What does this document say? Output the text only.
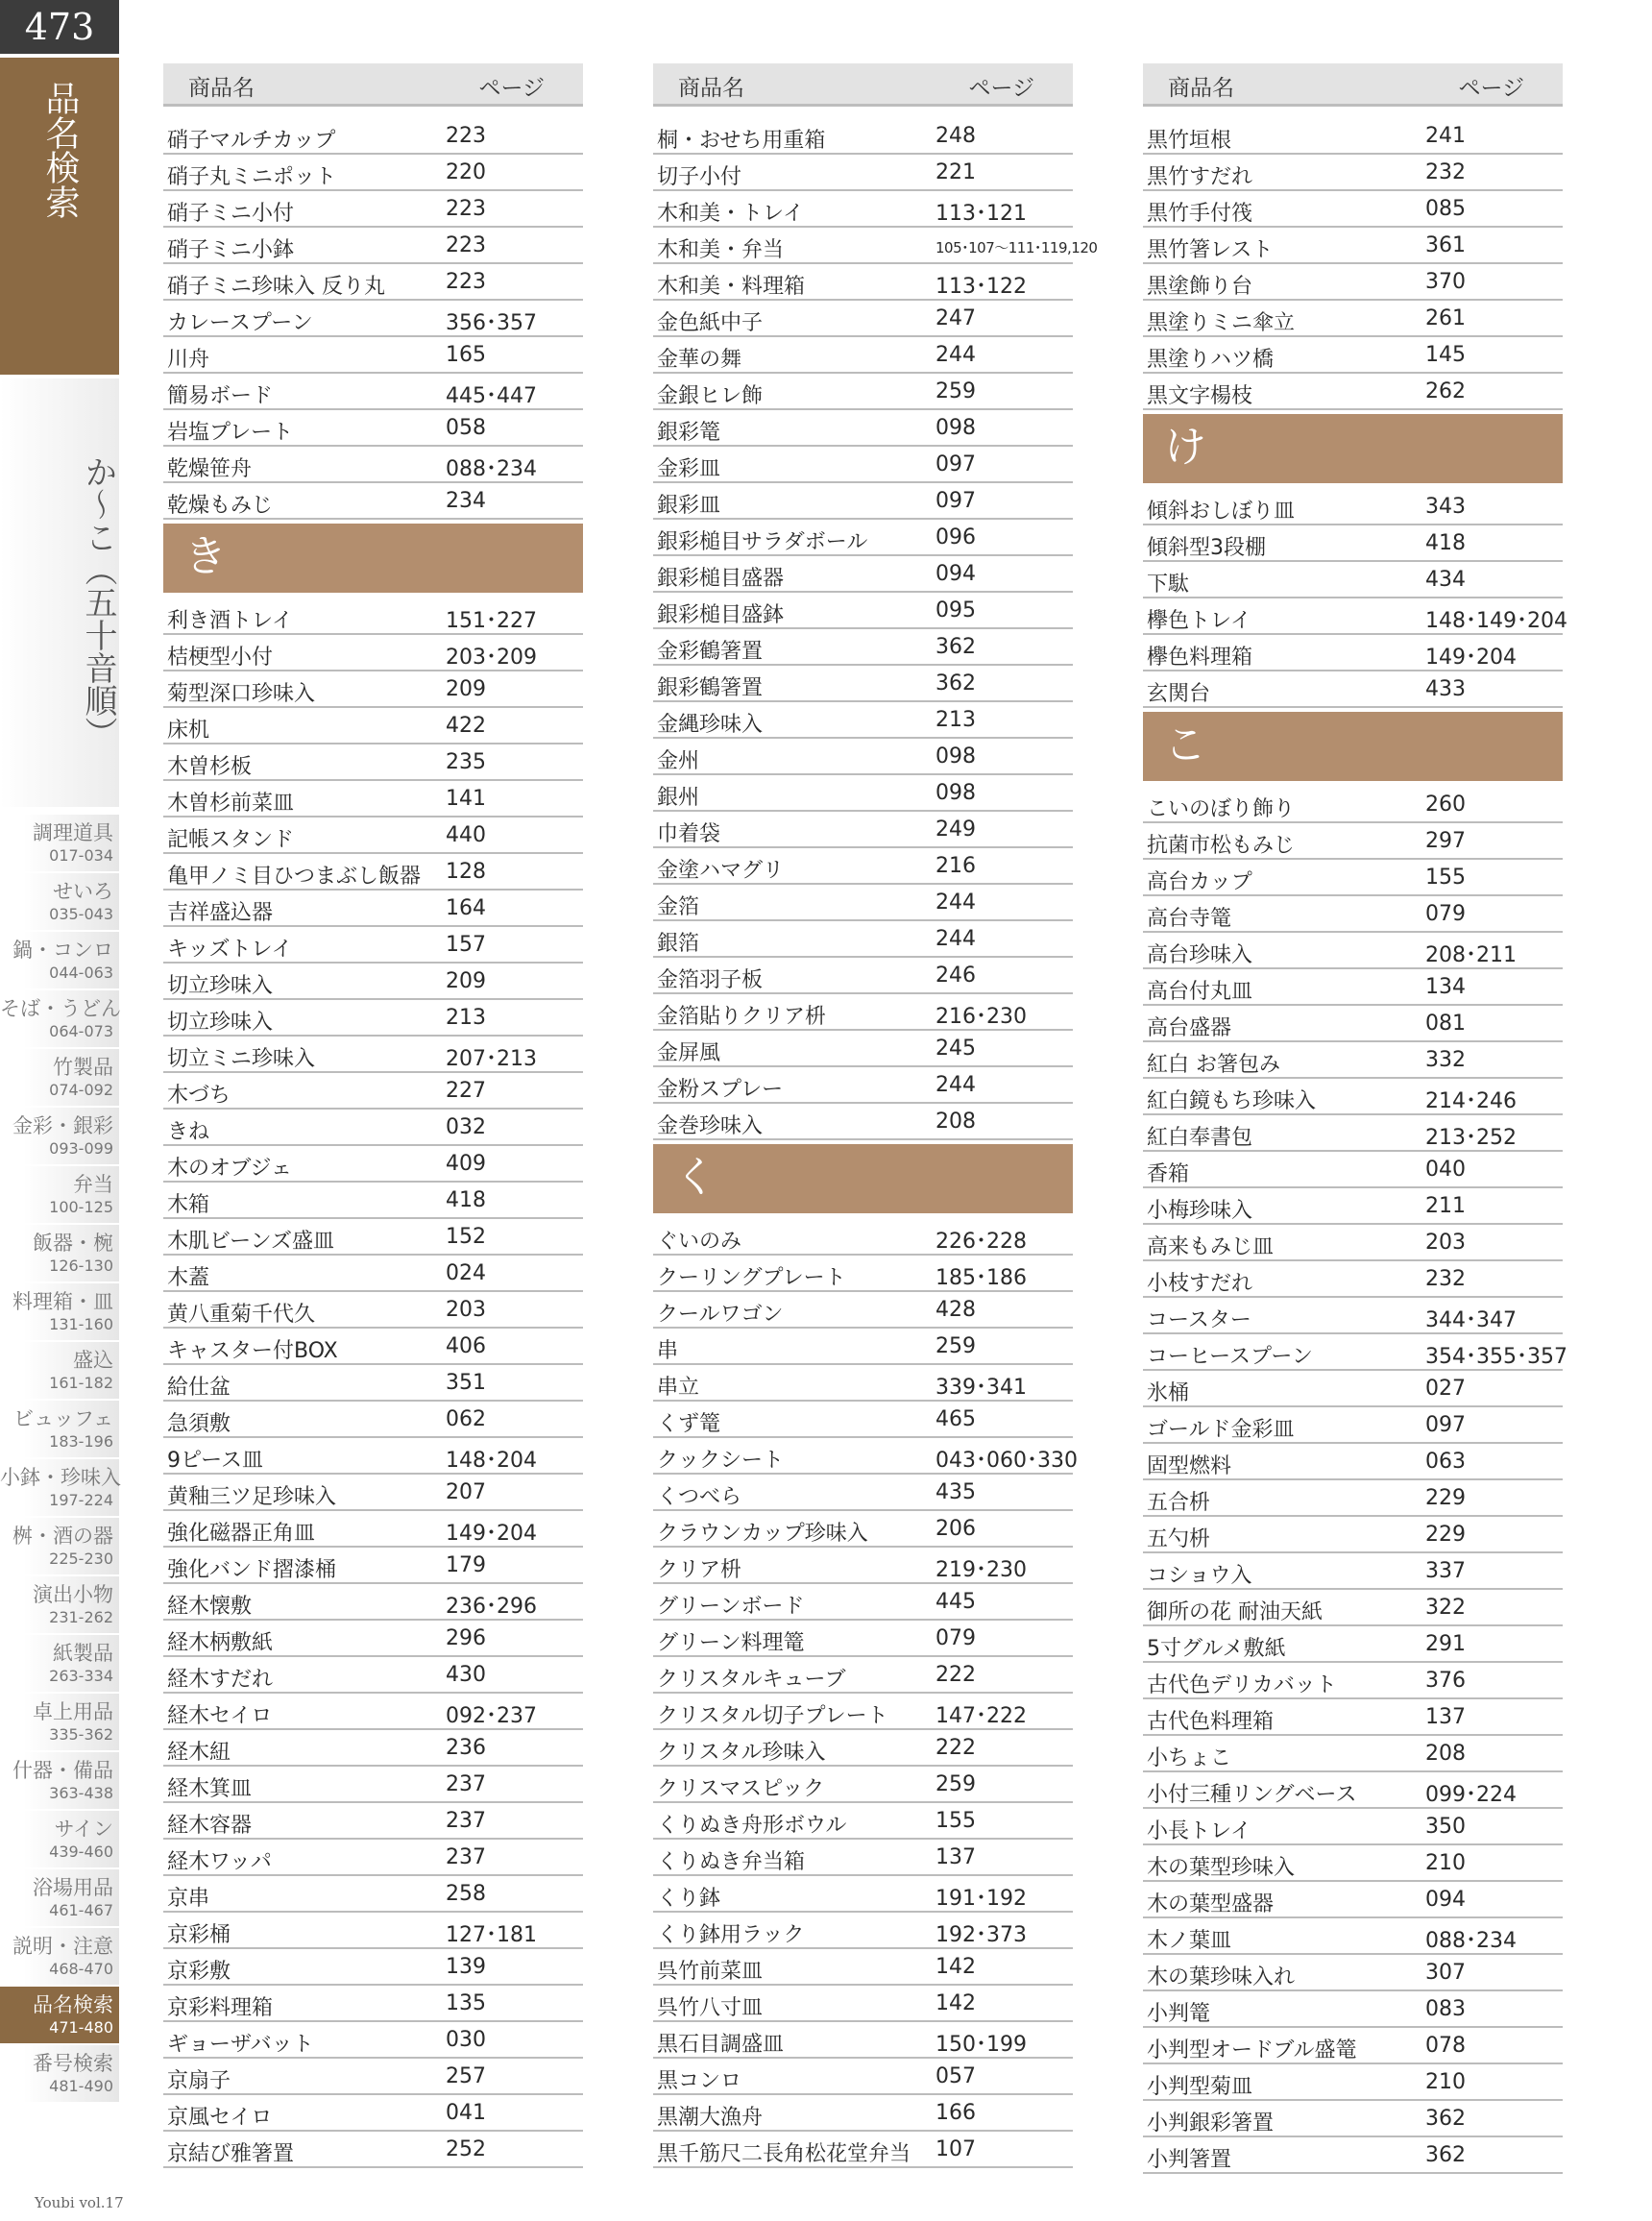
473
品名検索
か〜こ（五十音順）
調理道具
017-034
せいろ
035-043
鍋・コンロ
044-063
そば・うどん
064-073
竹製品
074-092
金彩・銀彩
093-099
弁当
100-125
飯器・椀
126-130
料理箱・皿
131-160
盛込
161-182
ビュッフェ
183-196
小鉢・珍味入
197-224
桝・酒の器
225-230
演出小物
231-262
紙製品
263-334
卓上用品
335-362
什器・備品
363-438
サイン
439-460
浴場用品
461-467
説明・注意
468-470
品名検索
471-480
番号検索
481-490
商品名	ページ
硝子マルチカップ	223
硝子丸ミニポット	220
硝子ミニ小付	223
硝子ミニ小鉢	223
硝子ミニ珍味入 反り丸	223
カレースプーン	356･357
川舟	165
簡易ボード	445･447
岩塩プレート	058
乾燥笹舟	088･234
乾燥もみじ	234
き
利き酒トレイ	151･227
桔梗型小付	203･209
菊型深口珍味入	209
床机	422
木曽杉板	235
木曽杉前菜皿	141
記帳スタンド	440
亀甲ノミ目ひつまぶし飯器 128
吉祥盛込器	164
キッズトレイ	157
切立珍味入	209
切立珍味入	213
切立ミニ珍味入	207･213
木づち	227
きね	032
木のオブジェ	409
木箱	418
木肌ビーンズ盛皿	152
木蓋	024
黄八重菊千代久	203
キャスター付BOX	406
給仕盆	351
急須敷	062
9ピース皿	148･204
黄釉三ツ足珍味入	207
強化磁器正角皿	149･204
強化バンド摺漆桶	179
経木懐敷	236･296
経木柄敷紙	296
経木すだれ	430
経木セイロ	092･237
経木紐	236
経木箕皿	237
経木容器	237
経木ワッパ	237
京串	258
京彩桶	127･181
京彩敷	139
京彩料理箱	135
ギョーザバット	030
京扇子	257
京風セイロ	041
京結び雅箸置	252
商品名	ページ
桐・おせち用重箱	248
切子小付	221
木和美・トレイ	113･121
木和美・弁当	105･107〜111･119,120
木和美・料理箱	113･122
金色紙中子	247
金華の舞	244
金銀ヒレ飾	259
銀彩篭	098
金彩皿	097
銀彩皿	097
銀彩槌目サラダボール	096
銀彩槌目盛器	094
銀彩槌目盛鉢	095
金彩鶴箸置	362
銀彩鶴箸置	362
金縄珍味入	213
金州	098
銀州	098
巾着袋	249
金塗ハマグリ	216
金箔	244
銀箔	244
金箔羽子板	246
金箔貼りクリア枡	216･230
金屏風	245
金粉スプレー	244
金巻珍味入	208
く
ぐいのみ	226･228
クーリングプレート	185･186
クールワゴン	428
串	259
串立	339･341
くず篭	465
クックシート	043･060･330
くつべら	435
クラウンカップ珍味入	206
クリア枡	219･230
グリーンボード	445
グリーン料理篭	079
クリスタルキューブ	222
クリスタル切子プレート 147･222
クリスタル珍味入	222
クリスマスピック	259
くりぬき舟形ボウル	155
くりぬき弁当箱	137
くり鉢	191･192
くり鉢用ラック	192･373
呉竹前菜皿	142
呉竹八寸皿	142
黒石目調盛皿	150･199
黒コンロ	057
黒潮大漁舟	166
黒千筋尺二長角松花堂弁当 107
商品名	ページ
黒竹垣根	241
黒竹すだれ	232
黒竹手付筏	085
黒竹箸レスト	361
黒塗飾り台	370
黒塗りミニ傘立	261
黒塗りハツ橋	145
黒文字楊枝	262
け
傾斜おしぼり皿	343
傾斜型3段棚	418
下駄	434
欅色トレイ	148･149･204
欅色料理箱	149･204
玄関台	433
こ
こいのぼり飾り	260
抗菌市松もみじ	297
高台カップ	155
高台寺篭	079
高台珍味入	208･211
高台付丸皿	134
高台盛器	081
紅白 お箸包み	332
紅白鏡もち珍味入	214･246
紅白奉書包	213･252
香箱	040
小梅珍味入	211
高来もみじ皿	203
小枝すだれ	232
コースター	344･347
コーヒースプーン	354･355･357
氷桶	027
ゴールド金彩皿	097
固型燃料	063
五合枡	229
五勺枡	229
コショウ入	337
御所の花 耐油天紙	322
5寸グルメ敷紙	291
古代色デリカバット	376
古代色料理箱	137
小ちょこ	208
小付三種リングベース	099･224
小長トレイ	350
木の葉型珍味入	210
木の葉型盛器	094
木ノ葉皿	088･234
木の葉珍味入れ	307
小判篭	083
小判型オードブル盛篭	078
小判型菊皿	210
小判銀彩箸置	362
小判箸置	362
Youbi vol.17
